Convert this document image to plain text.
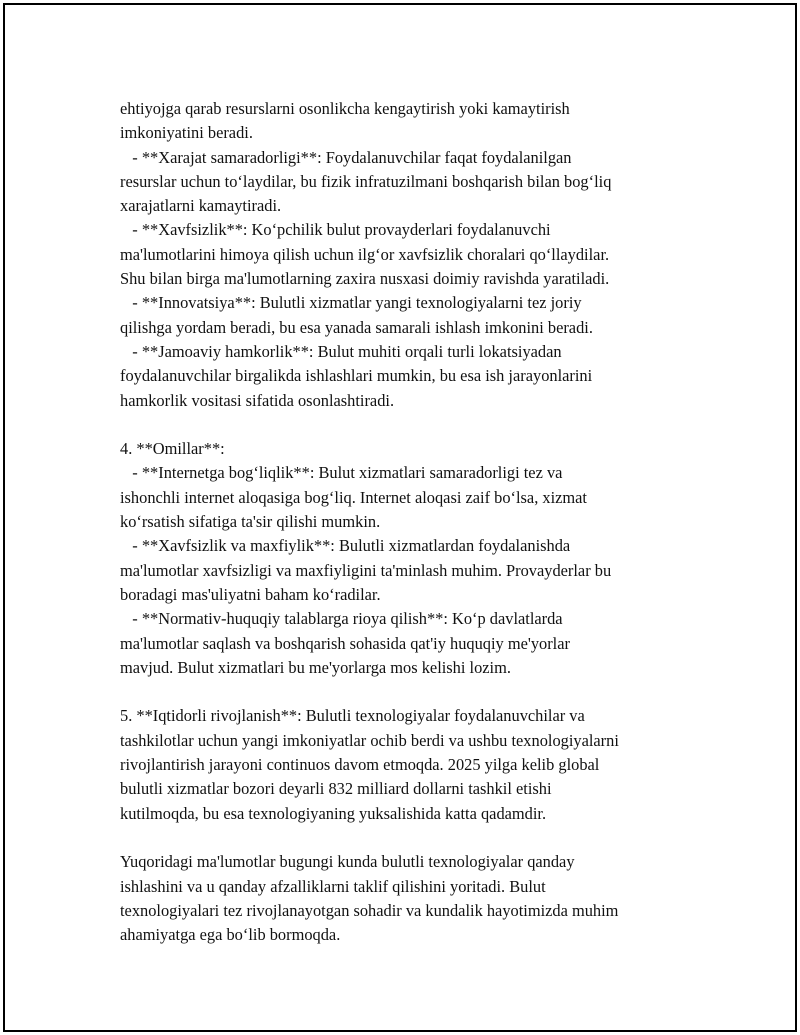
ehtiyojga qarab resurslarni osonlikcha kengaytirish yoki kamaytirish
imkoniyatini beradi.
- **Xarajat samaradorligi**: Foydalanuvchilar faqat foydalanilgan
resurslar uchun to‘laydilar, bu fizik infratuzilmani boshqarish bilan bog‘liq
xarajatlarni kamaytiradi.
- **Xavfsizlik**: Ko‘pchilik bulut provayderlari foydalanuvchi
ma'lumotlarini himoya qilish uchun ilg‘or xavfsizlik choralari qo‘llaydilar.
Shu bilan birga ma'lumotlarning zaxira nusxasi doimiy ravishda yaratiladi.
- **Innovatsiya**: Bulutli xizmatlar yangi texnologiyalarni tez joriy
qilishga yordam beradi, bu esa yanada samarali ishlash imkonini beradi.
- **Jamoaviy hamkorlik**: Bulut muhiti orqali turli lokatsiyadan
foydalanuvchilar birgalikda ishlashlari mumkin, bu esa ish jarayonlarini
hamkorlik vositasi sifatida osonlashtiradi.
4. **Omillar**:
- **Internetga bog‘liqlik**: Bulut xizmatlari samaradorligi tez va
ishonchli internet aloqasiga bog‘liq. Internet aloqasi zaif bo‘lsa, xizmat
ko‘rsatish sifatiga ta'sir qilishi mumkin.
- **Xavfsizlik va maxfiylik**: Bulutli xizmatlardan foydalanishda
ma'lumotlar xavfsizligi va maxfiyligini ta'minlash muhim. Provayderlar bu
boradagi mas'uliyatni baham ko‘radilar.
- **Normativ-huquqiy talablarga rioya qilish**: Ko‘p davlatlarda
ma'lumotlar saqlash va boshqarish sohasida qat'iy huquqiy me'yorlar
mavjud. Bulut xizmatlari bu me'yorlarga mos kelishi lozim.
5. **Iqtidorli rivojlanish**: Bulutli texnologiyalar foydalanuvchilar va
tashkilotlar uchun yangi imkoniyatlar ochib berdi va ushbu texnologiyalarni
rivojlantirish jarayoni continuos davom etmoqda. 2025 yilga kelib global
bulutli xizmatlar bozori deyarli 832 milliard dollarni tashkil etishi
kutilmoqda, bu esa texnologiyaning yuksalishida katta qadamdir.
Yuqoridagi ma'lumotlar bugungi kunda bulutli texnologiyalar qanday
ishlashini va u qanday afzalliklarni taklif qilishini yoritadi. Bulut
texnologiyalari tez rivojlanayotgan sohadir va kundalik hayotimizda muhim
ahamiyatga ega bo‘lib bormoqda.
